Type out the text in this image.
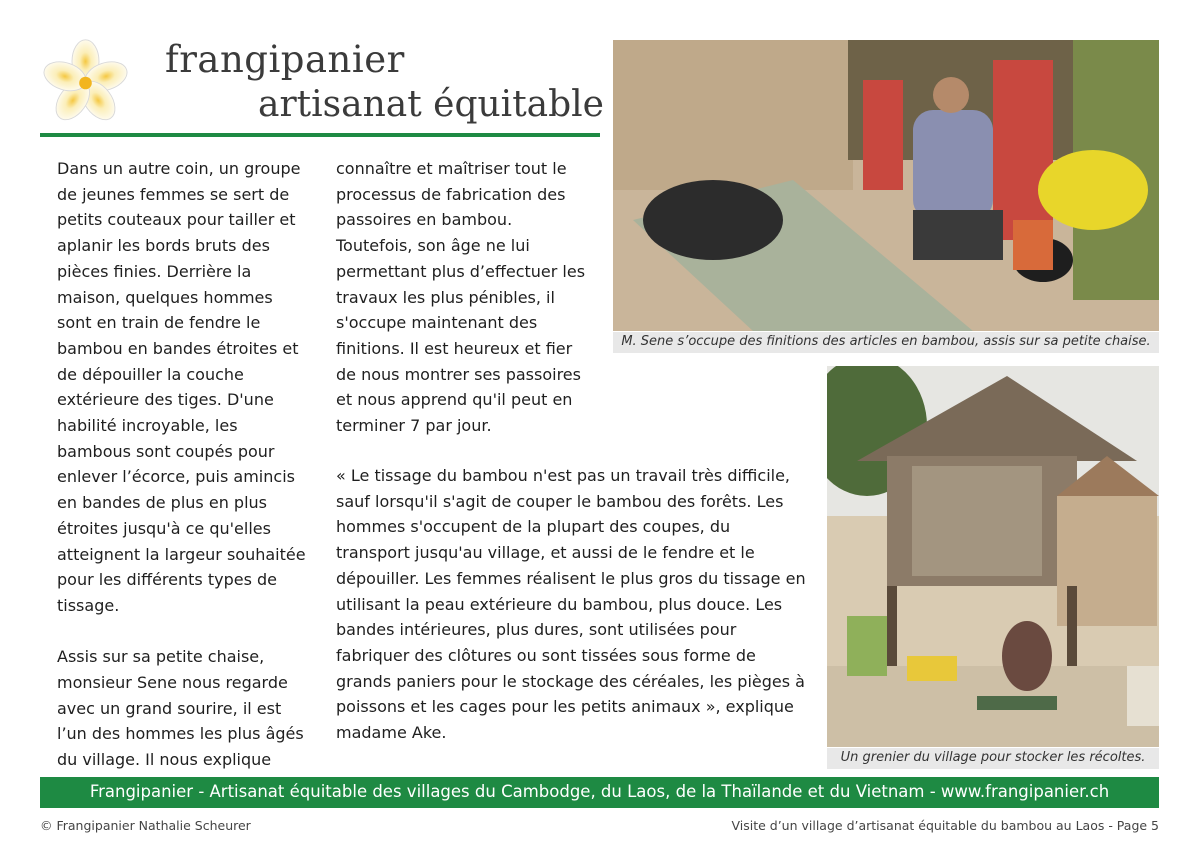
frangipanier
artisanat équitable

Dans un autre coin, un groupe de jeunes femmes se sert de petits couteaux pour tailler et aplanir les bords bruts des pièces finies. Derrière la maison, quelques hommes sont en train de fendre le bambou en bandes étroites et de dépouiller la couche extérieure des tiges. D'une habilité incroyable, les bambous sont coupés pour enlever l’écorce, puis amincis en bandes de plus en plus étroites jusqu'à ce qu'elles atteignent la largeur souhaitée pour les différents types de tissage.

Assis sur sa petite chaise, monsieur Sene nous regarde avec un grand sourire, il est l’un des hommes les plus âgés du village. Il nous explique

connaître et maîtriser tout le processus de fabrication des passoires en bambou. Toutefois, son âge ne lui permettant plus d’effectuer les travaux les plus pénibles, il s'occupe maintenant des finitions. Il est heureux et fier de nous montrer ses passoires et nous apprend qu'il peut en terminer 7 par jour.

« Le tissage du bambou n'est pas un travail très difficile, sauf lorsqu'il s'agit de couper le bambou des forêts. Les hommes s'occupent de la plupart des coupes, du transport jusqu'au village, et aussi de le fendre et le dépouiller. Les femmes réalisent le plus gros du tissage en utilisant la peau extérieure du bambou, plus douce. Les bandes intérieures, plus dures, sont utilisées pour fabriquer des clôtures ou sont tissées sous forme de grands paniers pour le stockage des céréales, les pièges à poissons et les cages pour les petits animaux », explique madame Ake.

M. Sene s’occupe des finitions des articles en bambou, assis sur sa petite chaise.
Un grenier du village pour stocker les récoltes.
Frangipanier - Artisanat équitable des villages du Cambodge, du Laos, de la Thaïlande et du Vietnam - www.frangipanier.ch
© Frangipanier Nathalie Scheurer	Visite d’un village d’artisanat équitable du bambou au Laos - Page 5
